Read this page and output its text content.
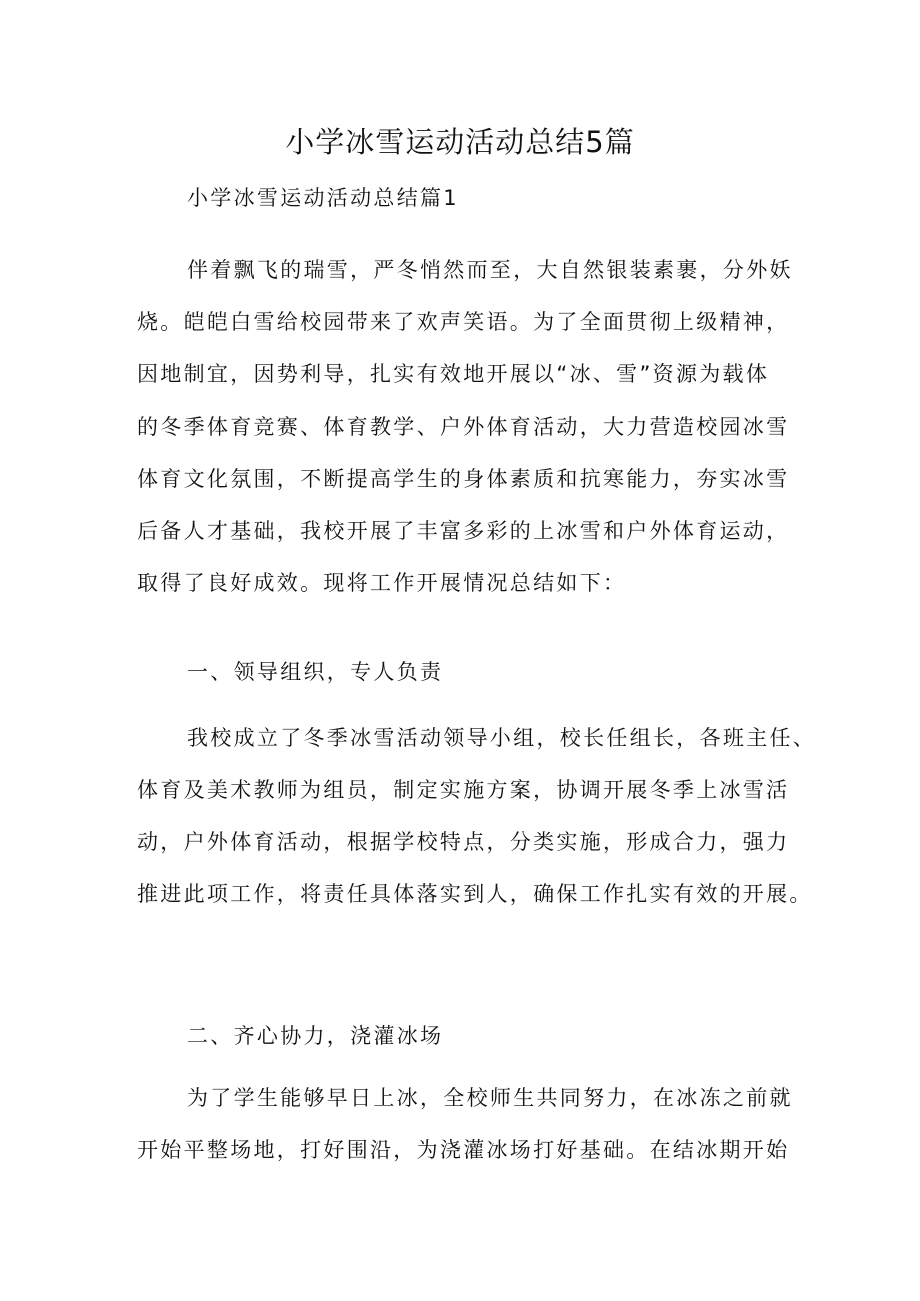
小学冰雪运动活动总结5篇
小学冰雪运动活动总结篇1
伴着飘飞的瑞雪，严冬悄然而至，大自然银装素裹，分外妖
烧。皑皑白雪给校园带来了欢声笑语。为了全面贯彻上级精神，
因地制宜，因势利导，扎实有效地开展以“冰、雪”资源为载体
的冬季体育竞赛、体育教学、户外体育活动，大力营造校园冰雪
体育文化氛围，不断提高学生的身体素质和抗寒能力，夯实冰雪
后备人才基础，我校开展了丰富多彩的上冰雪和户外体育运动，
取得了良好成效。现将工作开展情况总结如下：
一、领导组织，专人负责
我校成立了冬季冰雪活动领导小组，校长任组长，各班主任、
体育及美术教师为组员，制定实施方案，协调开展冬季上冰雪活
动，户外体育活动，根据学校特点，分类实施，形成合力，强力
推进此项工作，将责任具体落实到人，确保工作扎实有效的开展。
二、齐心协力，浇灌冰场
为了学生能够早日上冰，全校师生共同努力，在冰冻之前就
开始平整场地，打好围沿，为浇灌冰场打好基础。在结冰期开始
